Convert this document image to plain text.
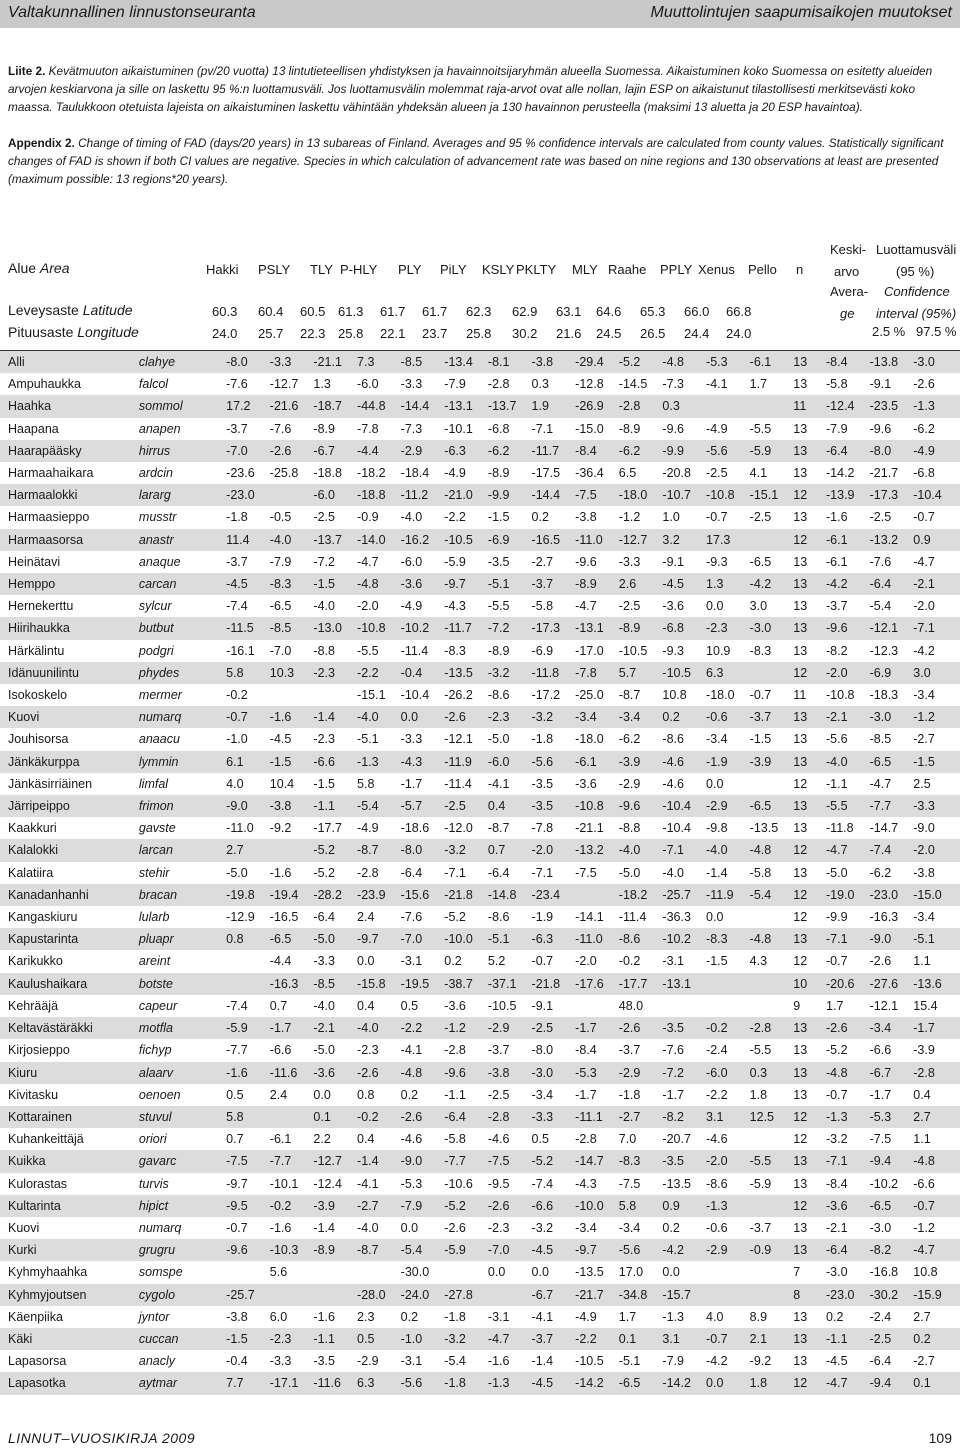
Valtakunnallinen linnustonseuranta	Muuttolintujen saapumisaikojen muutokset

Liite 2. Kevätmuuton aikaistuminen (pv/20 vuotta) 13 lintutieteellisen yhdistyksen ja havainnoitsijaryhmän alueella Suomessa. Aikaistuminen koko Suomessa on esitetty alueiden arvojen keskiarvona ja sille on laskettu 95 %:n luottamusväli. Jos luottamusvälin molemmat raja-arvot ovat alle nollan, lajin ESP on aikaistunut tilastollisesti merkitsevästi koko maassa. Taulukkoon otetuista lajeista on aikaistuminen laskettu vähintään yhdeksän alueen ja 130 havainnon perusteella (maksimi 13 aluetta ja 20 ESP havaintoa).

Appendix 2. Change of timing of FAD (days/20 years) in 13 subareas of Finland. Averages and 95 % confidence intervals are calculated from county values. Statistically significant changes of FAD is shown if both CI values are negative. Species in which calculation of advancement rate was based on nine regions and 130 observations at least are presented (maximum possible: 13 regions*20 years).

Alue Area
Leveysaste Latitude
Pituusaste Longitude
Keski-
arvo
Avera-
ge
Luottamusväli
(95 %)
Confidence
interval (95%)
2.5 % 97.5 %
Hakki PSLY TLY P-HLY PLY PiLY KSLY PKLTY MLY Raahe PPLY Xenus Pello n
60.3 60.4 60.5 61.3 61.7 61.7 62.3 62.9 63.1 64.6 65.3 66.0 66.8
24.0 25.7 22.3 25.8 22.1 23.7 25.8 30.2 21.6 24.5 26.5 24.4 24.0
Alli	clahye	-8.0	-3.3	-21.1	7.3	-8.5	-13.4	-8.1	-3.8	-29.4	-5.2	-4.8	-5.3	-6.1	13	-8.4	-13.8	-3.0
Ampuhaukka	falcol	-7.6	-12.7	1.3	-6.0	-3.3	-7.9	-2.8	0.3	-12.8	-14.5	-7.3	-4.1	1.7	13	-5.8	-9.1	-2.6
Haahka	sommol	17.2	-21.6	-18.7	-44.8	-14.4	-13.1	-13.7	1.9	-26.9	-2.8	0.3			11	-12.4	-23.5	-1.3
Haapana	anapen	-3.7	-7.6	-8.9	-7.8	-7.3	-10.1	-6.8	-7.1	-15.0	-8.9	-9.6	-4.9	-5.5	13	-7.9	-9.6	-6.2
Haarapääsky	hirrus	-7.0	-2.6	-6.7	-4.4	-2.9	-6.3	-6.2	-11.7	-8.4	-6.2	-9.9	-5.6	-5.9	13	-6.4	-8.0	-4.9
Harmaahaikara	ardcin	-23.6	-25.8	-18.8	-18.2	-18.4	-4.9	-8.9	-17.5	-36.4	6.5	-20.8	-2.5	4.1	13	-14.2	-21.7	-6.8
Harmaalokki	lararg	-23.0		-6.0	-18.8	-11.2	-21.0	-9.9	-14.4	-7.5	-18.0	-10.7	-10.8	-15.1	12	-13.9	-17.3	-10.4
Harmaasieppo	musstr	-1.8	-0.5	-2.5	-0.9	-4.0	-2.2	-1.5	0.2	-3.8	-1.2	1.0	-0.7	-2.5	13	-1.6	-2.5	-0.7
Harmaasorsa	anastr	11.4	-4.0	-13.7	-14.0	-16.2	-10.5	-6.9	-16.5	-11.0	-12.7	3.2	17.3		12	-6.1	-13.2	0.9
Heinätavi	anaque	-3.7	-7.9	-7.2	-4.7	-6.0	-5.9	-3.5	-2.7	-9.6	-3.3	-9.1	-9.3	-6.5	13	-6.1	-7.6	-4.7
Hemppo	carcan	-4.5	-8.3	-1.5	-4.8	-3.6	-9.7	-5.1	-3.7	-8.9	2.6	-4.5	1.3	-4.2	13	-4.2	-6.4	-2.1
Hernekerttu	sylcur	-7.4	-6.5	-4.0	-2.0	-4.9	-4.3	-5.5	-5.8	-4.7	-2.5	-3.6	0.0	3.0	13	-3.7	-5.4	-2.0
Hiirihaukka	butbut	-11.5	-8.5	-13.0	-10.8	-10.2	-11.7	-7.2	-17.3	-13.1	-8.9	-6.8	-2.3	-3.0	13	-9.6	-12.1	-7.1
Härkälintu	podgri	-16.1	-7.0	-8.8	-5.5	-11.4	-8.3	-8.9	-6.9	-17.0	-10.5	-9.3	10.9	-8.3	13	-8.2	-12.3	-4.2
Idänuunilintu	phydes	5.8	10.3	-2.3	-2.2	-0.4	-13.5	-3.2	-11.8	-7.8	5.7	-10.5	6.3		12	-2.0	-6.9	3.0
Isokoskelo	mermer	-0.2			-15.1	-10.4	-26.2	-8.6	-17.2	-25.0	-8.7	10.8	-18.0	-0.7	11	-10.8	-18.3	-3.4
Kuovi	numarq	-0.7	-1.6	-1.4	-4.0	0.0	-2.6	-2.3	-3.2	-3.4	-3.4	0.2	-0.6	-3.7	13	-2.1	-3.0	-1.2
Jouhisorsa	anaacu	-1.0	-4.5	-2.3	-5.1	-3.3	-12.1	-5.0	-1.8	-18.0	-6.2	-8.6	-3.4	-1.5	13	-5.6	-8.5	-2.7
Jänkäkurppa	lymmin	6.1	-1.5	-6.6	-1.3	-4.3	-11.9	-6.0	-5.6	-6.1	-3.9	-4.6	-1.9	-3.9	13	-4.0	-6.5	-1.5
Jänkäsirriäinen	limfal	4.0	10.4	-1.5	5.8	-1.7	-11.4	-4.1	-3.5	-3.6	-2.9	-4.6	0.0		12	-1.1	-4.7	2.5
Järripeippo	frimon	-9.0	-3.8	-1.1	-5.4	-5.7	-2.5	0.4	-3.5	-10.8	-9.6	-10.4	-2.9	-6.5	13	-5.5	-7.7	-3.3
Kaakkuri	gavste	-11.0	-9.2	-17.7	-4.9	-18.6	-12.0	-8.7	-7.8	-21.1	-8.8	-10.4	-9.8	-13.5	13	-11.8	-14.7	-9.0
Kalalokki	larcan	2.7		-5.2	-8.7	-8.0	-3.2	0.7	-2.0	-13.2	-4.0	-7.1	-4.0	-4.8	12	-4.7	-7.4	-2.0
Kalatiira	stehir	-5.0	-1.6	-5.2	-2.8	-6.4	-7.1	-6.4	-7.1	-7.5	-5.0	-4.0	-1.4	-5.8	13	-5.0	-6.2	-3.8
Kanadanhanhi	bracan	-19.8	-19.4	-28.2	-23.9	-15.6	-21.8	-14.8	-23.4		-18.2	-25.7	-11.9	-5.4	12	-19.0	-23.0	-15.0
Kangaskiuru	lularb	-12.9	-16.5	-6.4	2.4	-7.6	-5.2	-8.6	-1.9	-14.1	-11.4	-36.3	0.0		12	-9.9	-16.3	-3.4
Kapustarinta	pluapr	0.8	-6.5	-5.0	-9.7	-7.0	-10.0	-5.1	-6.3	-11.0	-8.6	-10.2	-8.3	-4.8	13	-7.1	-9.0	-5.1
Karikukko	areint		-4.4	-3.3	0.0	-3.1	0.2	5.2	-0.7	-2.0	-0.2	-3.1	-1.5	4.3	12	-0.7	-2.6	1.1
Kaulushaikara	botste		-16.3	-8.5	-15.8	-19.5	-38.7	-37.1	-21.8	-17.6	-17.7	-13.1			10	-20.6	-27.6	-13.6
Kehrääjä	capeur	-7.4	0.7	-4.0	0.4	0.5	-3.6	-10.5	-9.1		48.0				9	1.7	-12.1	15.4
Keltavästäräkki	motfla	-5.9	-1.7	-2.1	-4.0	-2.2	-1.2	-2.9	-2.5	-1.7	-2.6	-3.5	-0.2	-2.8	13	-2.6	-3.4	-1.7
Kirjosieppo	fichyp	-7.7	-6.6	-5.0	-2.3	-4.1	-2.8	-3.7	-8.0	-8.4	-3.7	-7.6	-2.4	-5.5	13	-5.2	-6.6	-3.9
Kiuru	alaarv	-1.6	-11.6	-3.6	-2.6	-4.8	-9.6	-3.8	-3.0	-5.3	-2.9	-7.2	-6.0	0.3	13	-4.8	-6.7	-2.8
Kivitasku	oenoen	0.5	2.4	0.0	0.8	0.2	-1.1	-2.5	-3.4	-1.7	-1.8	-1.7	-2.2	1.8	13	-0.7	-1.7	0.4
Kottarainen	stuvul	5.8		0.1	-0.2	-2.6	-6.4	-2.8	-3.3	-11.1	-2.7	-8.2	3.1	12.5	12	-1.3	-5.3	2.7
Kuhankeittäjä	oriori	0.7	-6.1	2.2	0.4	-4.6	-5.8	-4.6	0.5	-2.8	7.0	-20.7	-4.6		12	-3.2	-7.5	1.1
Kuikka	gavarc	-7.5	-7.7	-12.7	-1.4	-9.0	-7.7	-7.5	-5.2	-14.7	-8.3	-3.5	-2.0	-5.5	13	-7.1	-9.4	-4.8
Kulorastas	turvis	-9.7	-10.1	-12.4	-4.1	-5.3	-10.6	-9.5	-7.4	-4.3	-7.5	-13.5	-8.6	-5.9	13	-8.4	-10.2	-6.6
Kultarinta	hipict	-9.5	-0.2	-3.9	-2.7	-7.9	-5.2	-2.6	-6.6	-10.0	5.8	0.9	-1.3		12	-3.6	-6.5	-0.7
Kuovi	numarq	-0.7	-1.6	-1.4	-4.0	0.0	-2.6	-2.3	-3.2	-3.4	-3.4	0.2	-0.6	-3.7	13	-2.1	-3.0	-1.2
Kurki	grugru	-9.6	-10.3	-8.9	-8.7	-5.4	-5.9	-7.0	-4.5	-9.7	-5.6	-4.2	-2.9	-0.9	13	-6.4	-8.2	-4.7
Kyhmyhaahka	somspe		5.6			-30.0		0.0	0.0	-13.5	17.0	0.0			7	-3.0	-16.8	10.8
Kyhmyjoutsen	cygolo	-25.7			-28.0	-24.0	-27.8		-6.7	-21.7	-34.8	-15.7			8	-23.0	-30.2	-15.9
Käenpiika	jyntor	-3.8	6.0	-1.6	2.3	0.2	-1.8	-3.1	-4.1	-4.9	1.7	-1.3	4.0	8.9	13	0.2	-2.4	2.7
Käki	cuccan	-1.5	-2.3	-1.1	0.5	-1.0	-3.2	-4.7	-3.7	-2.2	0.1	3.1	-0.7	2.1	13	-1.1	-2.5	0.2
Lapasorsa	anacly	-0.4	-3.3	-3.5	-2.9	-3.1	-5.4	-1.6	-1.4	-10.5	-5.1	-7.9	-4.2	-9.2	13	-4.5	-6.4	-2.7
Lapasotka	aytmar	7.7	-17.1	-11.6	6.3	-5.6	-1.8	-1.3	-4.5	-14.2	-6.5	-14.2	0.0	1.8	12	-4.7	-9.4	0.1
LINNUT–VUOSIKIRJA 2009	109
